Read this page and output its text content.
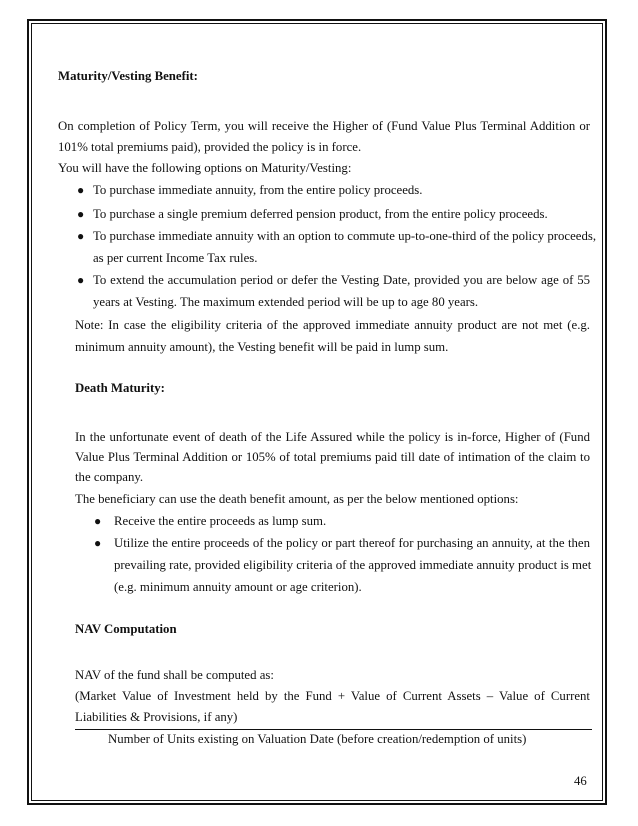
Maturity/Vesting Benefit:
On completion of Policy Term, you will receive the Higher of (Fund Value Plus Terminal Addition or
101% total premiums paid), provided the policy is in force.
You will have the following options on Maturity/Vesting:
● To purchase immediate annuity, from the entire policy proceeds.
● To purchase a single premium deferred pension product, from the entire policy proceeds.
● To purchase immediate annuity with an option to commute up-to-one-third of the policy proceeds,
as per current Income Tax rules.
● To extend the accumulation period or defer the Vesting Date, provided you are below age of 55
years at Vesting. The maximum extended period will be up to age 80 years.
Note: In case the eligibility criteria of the approved immediate annuity product are not met (e.g.
minimum annuity amount), the Vesting benefit will be paid in lump sum.
Death Maturity:
In the unfortunate event of death of the Life Assured while the policy is in-force, Higher of (Fund
Value Plus Terminal Addition or 105% of total premiums paid till date of intimation of the claim to
the company.
The beneficiary can use the death benefit amount, as per the below mentioned options:
● Receive the entire proceeds as lump sum.
● Utilize the entire proceeds of the policy or part thereof for purchasing an annuity, at the then
prevailing rate, provided eligibility criteria of the approved immediate annuity product is met
(e.g. minimum annuity amount or age criterion).
NAV Computation
NAV of the fund shall be computed as:
(Market Value of Investment held by the Fund + Value of Current Assets – Value of Current
Liabilities & Provisions, if any)
Number of Units existing on Valuation Date (before creation/redemption of units)
46
